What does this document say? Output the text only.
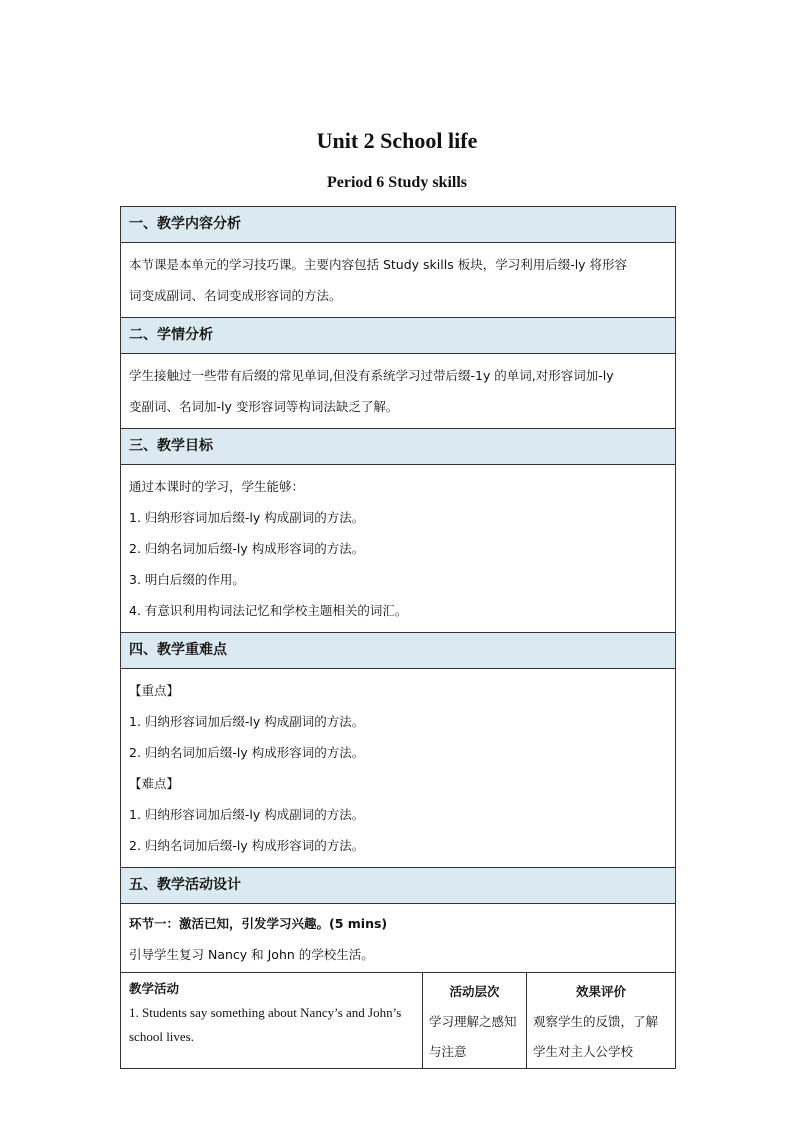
Unit 2 School life
Period 6 Study skills
一、教学内容分析

本节课是本单元的学习技巧课。主要内容包括 Study skills 板块，学习利用后缀-ly 将形容

词变成副词、名词变成形容词的方法。

二、学情分析

学生接触过一些带有后缀的常见单词,但没有系统学习过带后缀-1y 的单词,对形容词加-ly

变副词、名词加-ly 变形容词等构词法缺乏了解。

三、教学目标

通过本课时的学习，学生能够：

1. 归纳形容词加后缀-ly 构成副词的方法。

2. 归纳名词加后缀-ly 构成形容词的方法。

3. 明白后缀的作用。

4. 有意识利用构词法记忆和学校主题相关的词汇。

四、教学重难点

【重点】

1. 归纳形容词加后缀-ly 构成副词的方法。

2. 归纳名词加后缀-ly 构成形容词的方法。

【难点】

1. 归纳形容词加后缀-ly 构成副词的方法。

2. 归纳名词加后缀-ly 构成形容词的方法。

五、教学活动设计

环节一：激活已知，引发学习兴趣。(5 mins)

引导学生复习 Nancy 和 John 的学校生活。

教学活动
1. Students say something about Nancy’s and John’s school lives.
活动层次
学习理解之感知与注意
效果评价
观察学生的反馈，了解学生对主人公学校
